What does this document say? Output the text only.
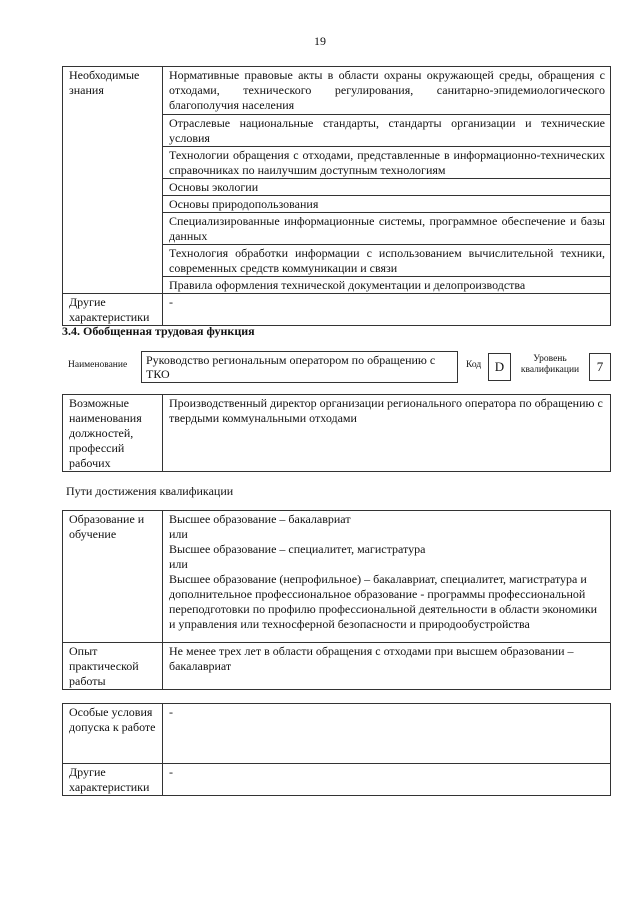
19
Необходимые знания	Нормативные правовые акты в области охраны окружающей среды, обращения с отходами, технического регулирования, санитарно-эпидемиологического благополучия населения
	Отраслевые национальные стандарты, стандарты организации и технические условия
	Технологии обращения с отходами, представленные в информационно-технических справочниках по наилучшим доступным технологиям
	Основы экологии
	Основы природопользования
	Специализированные информационные системы, программное обеспечение и базы данных
	Технология обработки информации с использованием вычислительной техники, современных средств коммуникации и связи
	Правила оформления технической документации и делопроизводства
Другие характеристики	-
3.4. Обобщенная трудовая функция
Наименование	Руководство региональным оператором по обращению с ТКО
Код	D	Уровень квалификации	7
Возможные наименования должностей, профессий рабочих	Производственный директор организации регионального оператора по обращению с твердыми коммунальными отходами
Пути достижения квалификации
Образование и обучение	Высшее образование – бакалавриат
или
Высшее образование – специалитет, магистратура
или
Высшее образование (непрофильное) – бакалавриат, специалитет, магистратура и дополнительное профессиональное образование - программы профессиональной переподготовки по профилю профессиональной деятельности в области экономики и управления или техносферной безопасности и природообустройства

Опыт практической работы	Не менее трех лет в области обращения с отходами при высшем образовании – бакалавриат
Особые условия допуска к работе	-
Другие характеристики	-
